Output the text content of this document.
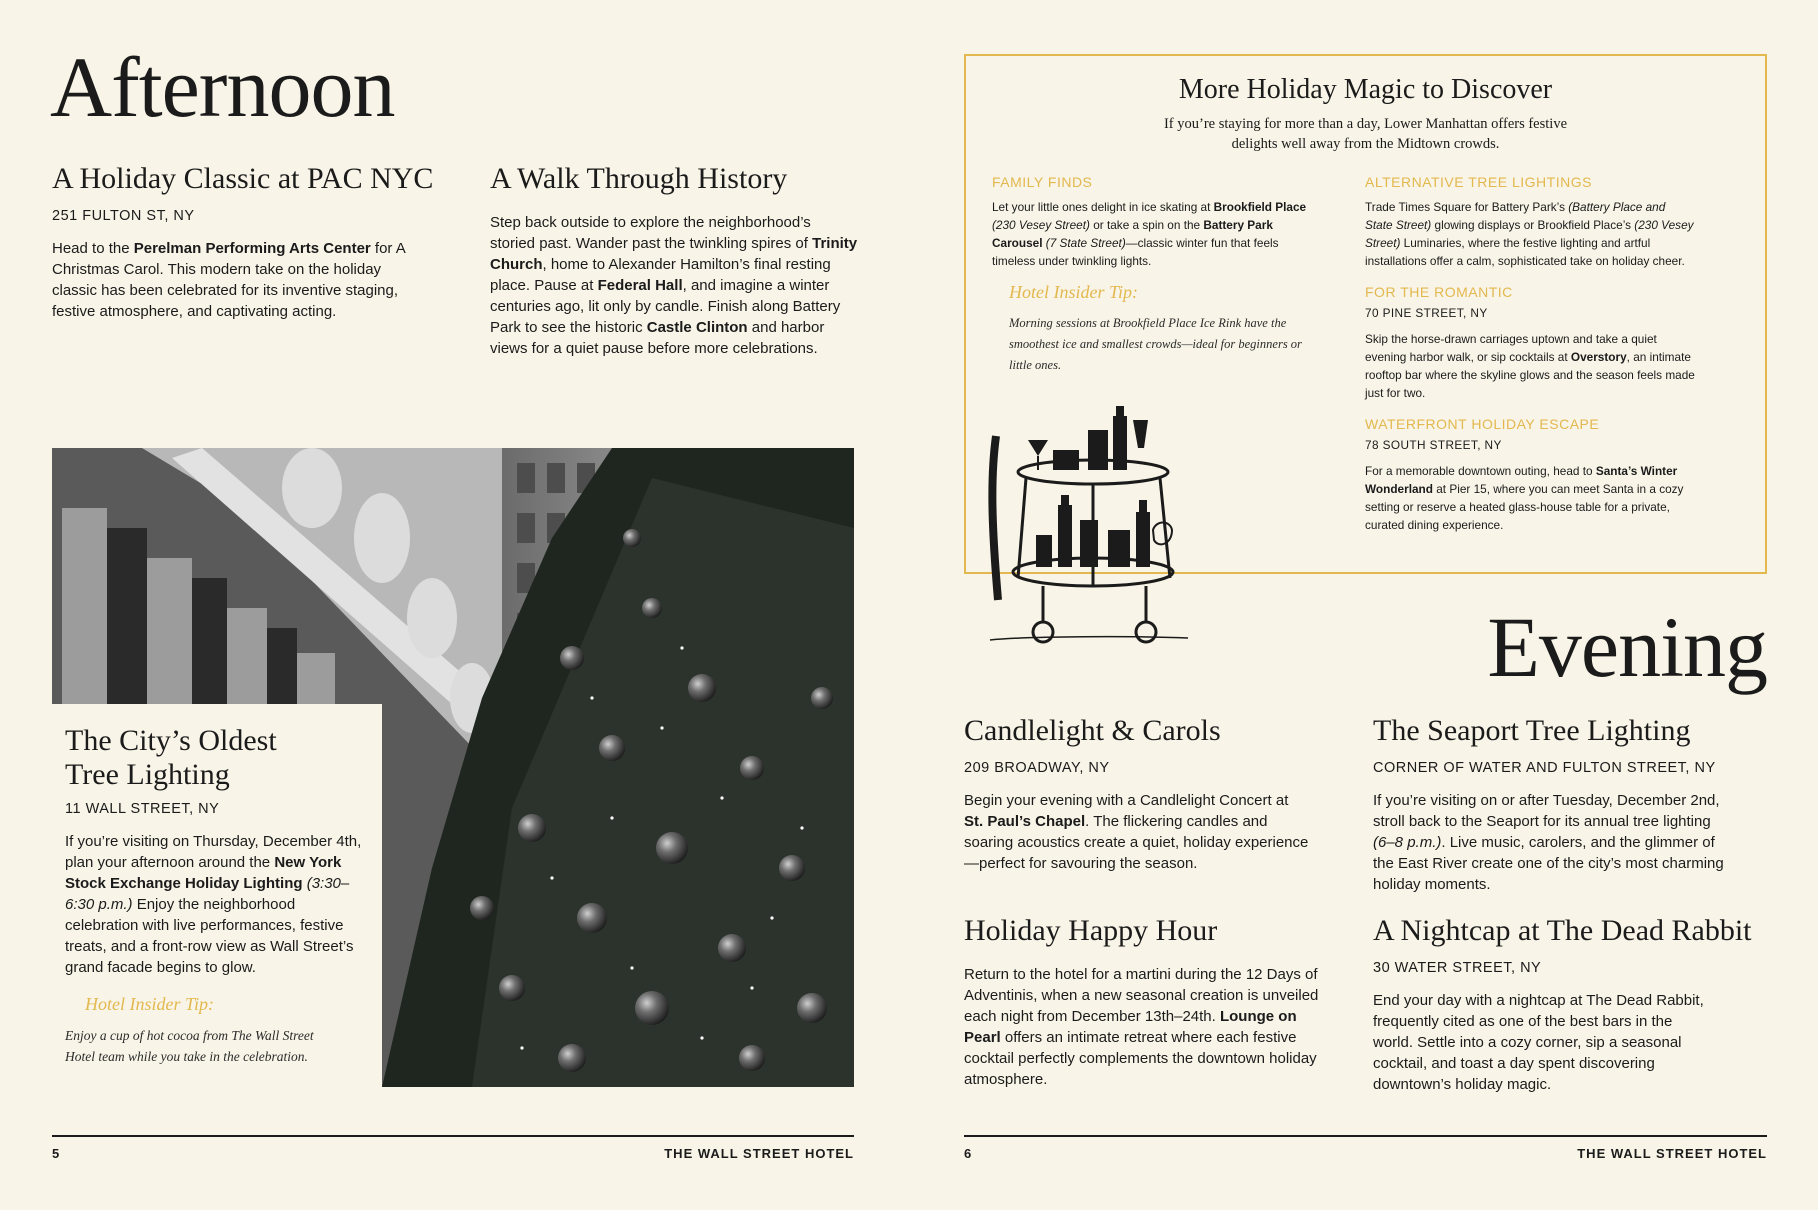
Afternoon
A Holiday Classic at PAC NYC
251 FULTON ST, NY

Head to the Perelman Performing Arts Center for A Christmas Carol. This modern take on the holiday classic has been celebrated for its inventive staging, festive atmosphere, and captivating acting.

A Walk Through History

Step back outside to explore the neighborhood’s storied past. Wander past the twinkling spires of Trinity Church, home to Alexander Hamilton’s final resting place. Pause at Federal Hall, and imagine a winter centuries ago, lit only by candle. Finish along Battery Park to see the historic Castle Clinton and harbor views for a quiet pause before more celebrations.

The City’s Oldest
Tree Lighting
11 WALL STREET, NY

If you’re visiting on Thursday, December 4th, plan your afternoon around the New York Stock Exchange Holiday Lighting (3:30–6:30 p.m.) Enjoy the neighborhood celebration with live performances, festive treats, and a front-row view as Wall Street’s grand facade begins to glow.

Hotel Insider Tip:

Enjoy a cup of hot cocoa from The Wall Street Hotel team while you take in the celebration.

5	THE WALL STREET HOTEL
More Holiday Magic to Discover

If you’re staying for more than a day, Lower Manhattan offers festive delights well away from the Midtown crowds.

FAMILY FINDS

Let your little ones delight in ice skating at Brookfield Place (230 Vesey Street) or take a spin on the Battery Park Carousel (7 State Street)—classic winter fun that feels timeless under twinkling lights.

Hotel Insider Tip:

Morning sessions at Brookfield Place Ice Rink have the smoothest ice and smallest crowds—ideal for beginners or little ones.

ALTERNATIVE TREE LIGHTINGS

Trade Times Square for Battery Park’s (Battery Place and State Street) glowing displays or Brookfield Place’s (230 Vesey Street) Luminaries, where the festive lighting and artful installations offer a calm, sophisticated take on holiday cheer.

FOR THE ROMANTIC
70 PINE STREET, NY

Skip the horse-drawn carriages uptown and take a quiet evening harbor walk, or sip cocktails at Overstory, an intimate rooftop bar where the skyline glows and the season feels made just for two.

WATERFRONT HOLIDAY ESCAPE
78 SOUTH STREET, NY

For a memorable downtown outing, head to Santa’s Winter Wonderland at Pier 15, where you can meet Santa in a cozy setting or reserve a heated glass-house table for a private, curated dining experience.

Evening
Candlelight & Carols
209 BROADWAY, NY

Begin your evening with a Candlelight Concert at St. Paul’s Chapel. The flickering candles and soaring acoustics create a quiet, holiday experience—perfect for savouring the season.

The Seaport Tree Lighting
CORNER OF WATER AND FULTON STREET, NY

If you’re visiting on or after Tuesday, December 2nd, stroll back to the Seaport for its annual tree lighting (6–8 p.m.). Live music, carolers, and the glimmer of the East River create one of the city’s most charming holiday moments.

Holiday Happy Hour

Return to the hotel for a martini during the 12 Days of Adventinis, when a new seasonal creation is unveiled each night from December 13th–24th. Lounge on Pearl offers an intimate retreat where each festive cocktail perfectly complements the downtown holiday atmosphere.

A Nightcap at The Dead Rabbit
30 WATER STREET, NY

End your day with a nightcap at The Dead Rabbit, frequently cited as one of the best bars in the world. Settle into a cozy corner, sip a seasonal cocktail, and toast a day spent discovering downtown’s holiday magic.

6	THE WALL STREET HOTEL
